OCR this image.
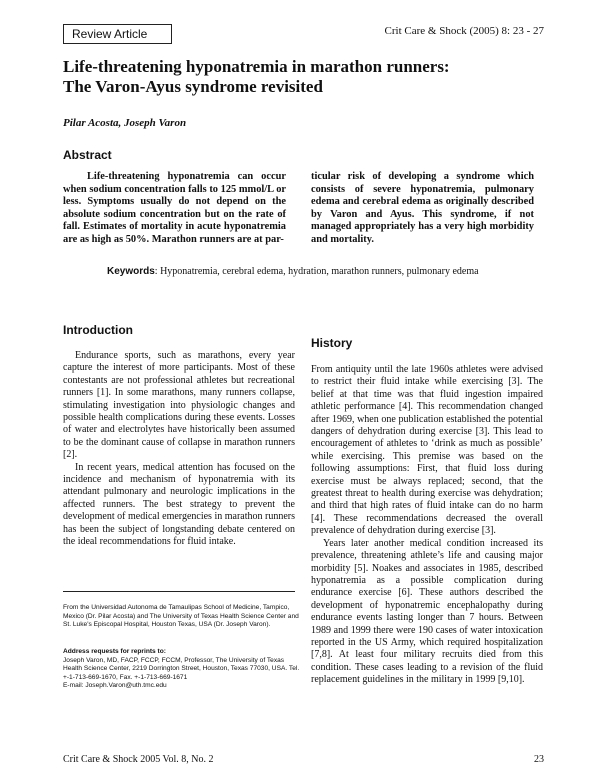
Review Article	Crit Care & Shock (2005) 8: 23 - 27
Life-threatening hyponatremia in marathon runners:
The Varon-Ayus syndrome revisited
Pilar Acosta, Joseph Varon
Abstract

Life-threatening hyponatremia can occur when sodium concentration falls to 125 mmol/L or less. Symptoms usually do not depend on the absolute sodium concentration but on the rate of fall. Estimates of mortality in acute hyponatremia are as high as 50%. Marathon runners are at par-

ticular risk of developing a syndrome which consists of severe hyponatremia, pulmonary edema and cerebral edema as originally described by Varon and Ayus. This syndrome, if not managed appropriately has a very high morbidity and mortality.

Keywords: Hyponatremia, cerebral edema, hydration, marathon runners, pulmonary edema
Introduction

Endurance sports, such as marathons, every year capture the interest of more participants. Most of these contestants are not professional athletes but recreational runners [1]. In some marathons, many runners collapse, stimulating investigation into physiologic changes and possible health complications during these events. Losses of water and electrolytes have historically been assumed to be the dominant cause of collapse in marathon runners [2].

In recent years, medical attention has focused on the incidence and mechanism of hyponatremia with its attendant pulmonary and neurologic implications in the affected runners. The best strategy to prevent the development of medical emergencies in marathon runners has been the subject of longstanding debate centered on the ideal recommendations for fluid intake.

From the Universidad Autonoma de Tamaulipas School of Medicine, Tampico, Mexico (Dr. Pilar Acosta) and The University of Texas Health Science Center and St. Luke's Episcopal Hospital, Houston Texas, USA (Dr. Joseph Varon).

Address requests for reprints to:
Joseph Varon, MD, FACP, FCCP, FCCM, Professor, The University of Texas Health Science Center, 2219 Dorrington Street, Houston, Texas 77030, USA. Tel. +-1-713-669-1670, Fax. +-1-713-669-1671
E-mail: Joseph.Varon@uth.tmc.edu
History

From antiquity until the late 1960s athletes were advised to restrict their fluid intake while exercising [3]. The belief at that time was that fluid ingestion impaired athletic performance [4]. This recommendation changed after 1969, when one publication established the potential dangers of dehydration during exercise [3]. This lead to encouragement of athletes to ‘drink as much as possible’ while exercising. This premise was based on the following assumptions: First, that fluid loss during exercise must be always replaced; second, that the greatest threat to health during exercise was dehydration; and third that high rates of fluid intake can do no harm [4]. These recommendations decreased the overall prevalence of dehydration during exercise [3].

Years later another medical condition increased its prevalence, threatening athlete’s life and causing major morbidity [5]. Noakes and associates in 1985, described hyponatremia as a possible complication during endurance exercise [6]. These authors described the development of hyponatremic encephalopathy during endurance events lasting longer than 7 hours. Between 1989 and 1999 there were 190 cases of water intoxication reported in the US Army, which required hospitalization [7,8]. At least four military recruits died from this condition. These cases leading to a revision of the fluid replacement guidelines in the military in 1999 [9,10].

Crit Care & Shock 2005 Vol. 8, No. 2	23
